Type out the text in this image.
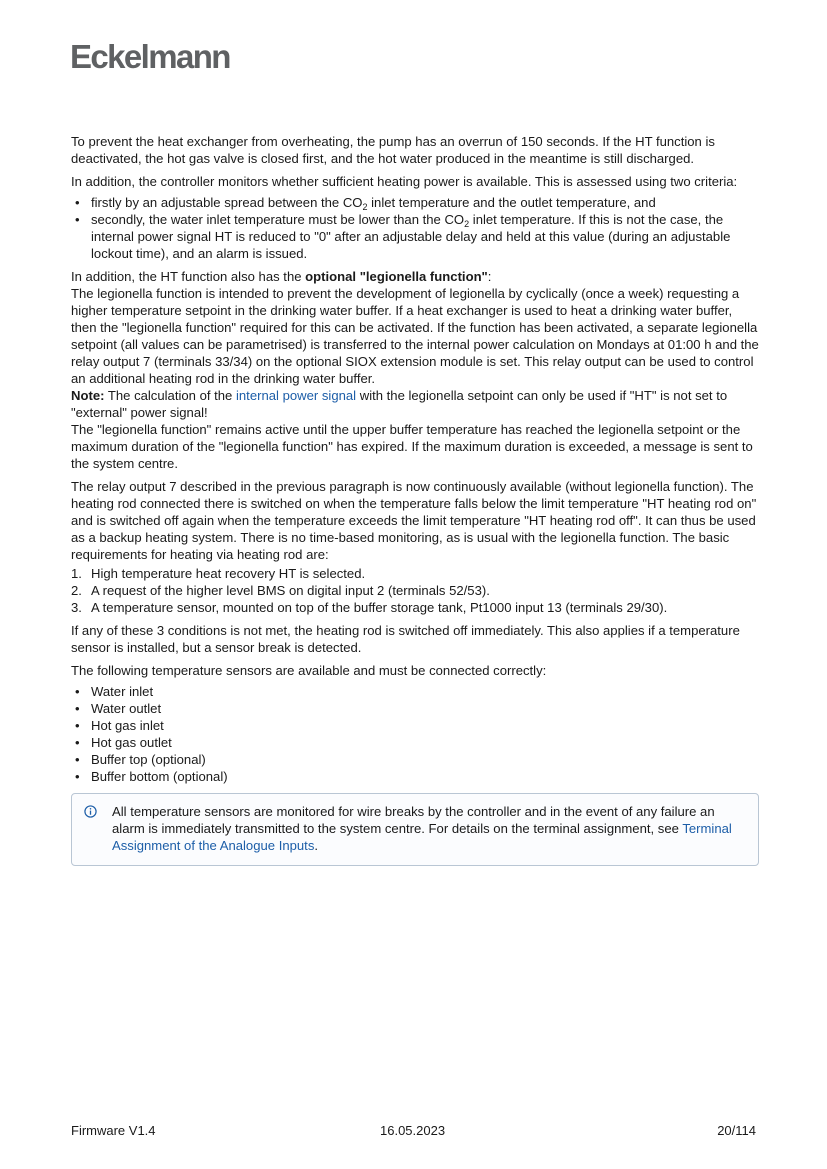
Eckelmann

To prevent the heat exchanger from overheating, the pump has an overrun of 150 seconds. If the HT function is deactivated, the hot gas valve is closed first, and the hot water produced in the meantime is still discharged.

In addition, the controller monitors whether sufficient heating power is available. This is assessed using two criteria:

• firstly by an adjustable spread between the $CO_2$ inlet temperature and the outlet temperature, and
• secondly, the water inlet temperature must be lower than the $CO_2$ inlet temperature. If this is not the case, the internal power signal HT is reduced to "0" after an adjustable delay and held at this value (during an adjustable lockout time), and an alarm is issued.

In addition, the HT function also has the optional "legionella function":

The legionella function is intended to prevent the development of legionella by cyclically (once a week) requesting a higher temperature setpoint in the drinking water buffer. If a heat exchanger is used to heat a drinking water buffer, then the "legionella function" required for this can be activated. If the function has been activated, a separate legionella setpoint (all values can be parametrised) is transferred to the internal power calculation on Mondays at 01:00 h and the relay output 7 (terminals 33/34) on the optional SIOX extension module is set. This relay output can be used to control an additional heating rod in the drinking water buffer.

Note: The calculation of the internal power signal with the legionella setpoint can only be used if "HT" is not set to "external" power signal!

The "legionella function" remains active until the upper buffer temperature has reached the legionella setpoint or the maximum duration of the "legionella function" has expired. If the maximum duration is exceeded, a message is sent to the system centre.

The relay output 7 described in the previous paragraph is now continuously available (without legionella function). The heating rod connected there is switched on when the temperature falls below the limit temperature "HT heating rod on" and is switched off again when the temperature exceeds the limit temperature "HT heating rod off". It can thus be used as a backup heating system. There is no time-based monitoring, as is usual with the legionella function. The basic requirements for heating via heating rod are:

1. High temperature heat recovery HT is selected.
2. A request of the higher level BMS on digital input 2 (terminals 52/53).
3. A temperature sensor, mounted on top of the buffer storage tank, Pt1000 input 13 (terminals 29/30).

If any of these 3 conditions is not met, the heating rod is switched off immediately. This also applies if a temperature sensor is installed, but a sensor break is detected.

The following temperature sensors are available and must be connected correctly:

• Water inlet
• Water outlet
• Hot gas inlet
• Hot gas outlet
• Buffer top (optional)
• Buffer bottom (optional)
All temperature sensors are monitored for wire breaks by the controller and in the event of any failure an alarm is immediately transmitted to the system centre. For details on the terminal assignment, see Terminal Assignment of the Analogue Inputs.
Firmware V1.4	16.05.2023	20/114
